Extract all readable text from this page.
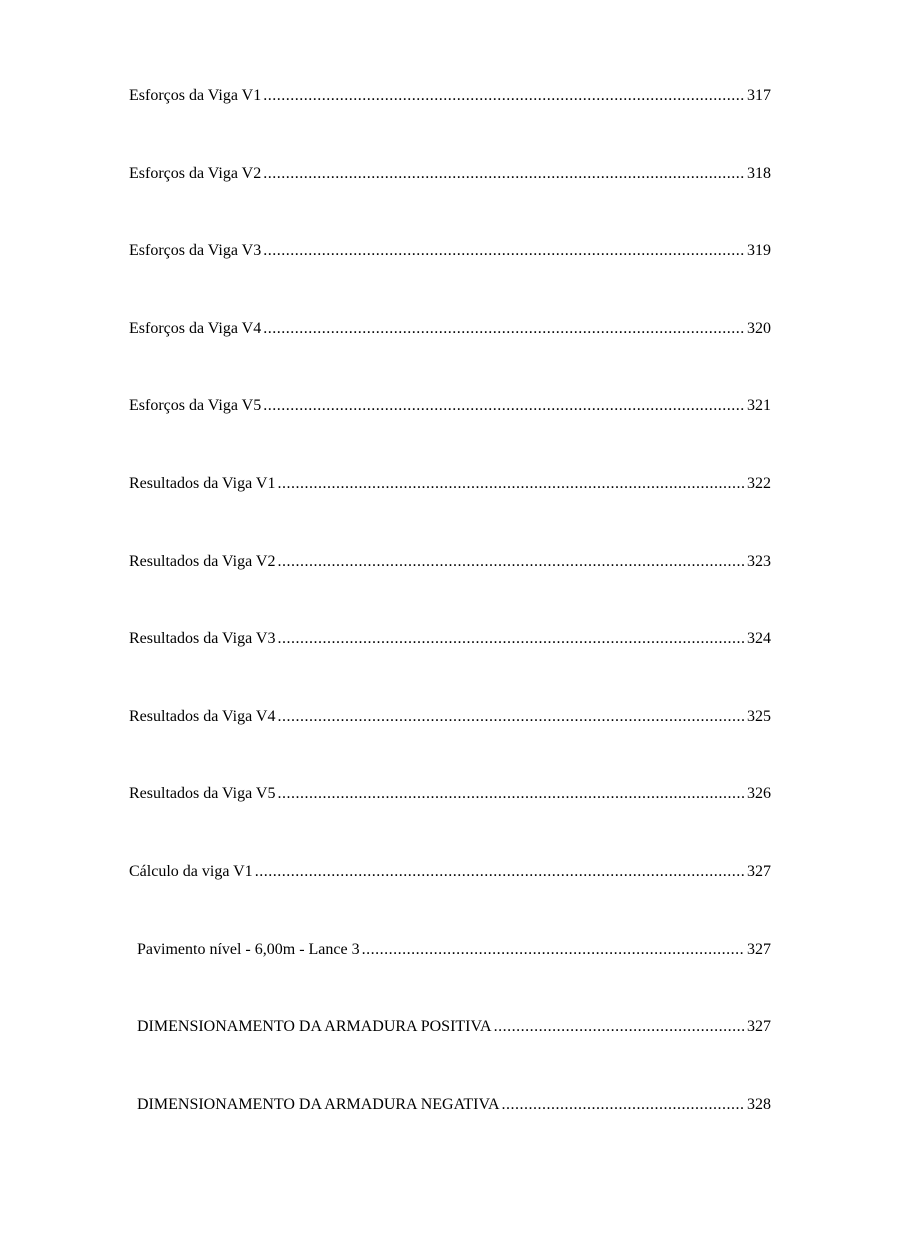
Esforços da Viga V1 .....	317
Esforços da Viga V2 .....	318
Esforços da Viga V3 .....	319
Esforços da Viga V4 .....	320
Esforços da Viga V5 .....	321
Resultados da Viga V1 .....	322
Resultados da Viga V2 .....	323
Resultados da Viga V3 .....	324
Resultados da Viga V4 .....	325
Resultados da Viga V5 .....	326
Cálculo da viga V1 .....	327
Pavimento nível - 6,00m - Lance 3 .....	327
DIMENSIONAMENTO DA ARMADURA POSITIVA .....	327
DIMENSIONAMENTO DA ARMADURA NEGATIVA .....	328
